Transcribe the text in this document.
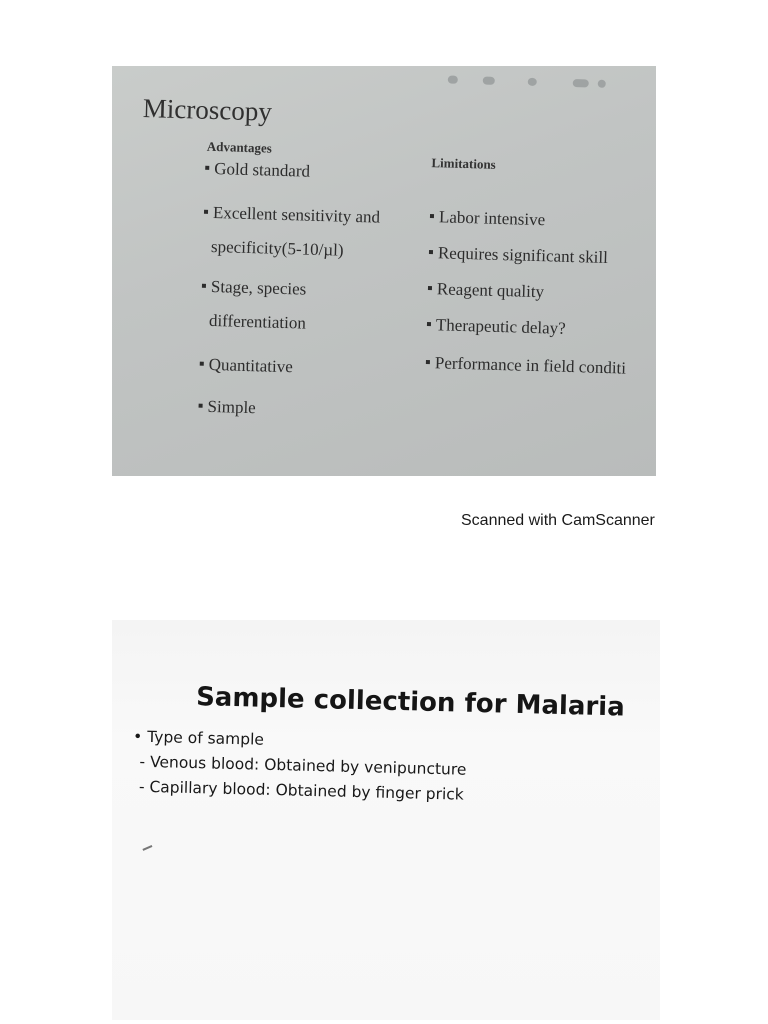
Microscopy
Advantages
Limitations
Gold standard
Excellent sensitivity and
specificity(5-10/µl)
Stage, species
differentiation
Quantitative
Simple
Labor intensive
Requires significant skill
Reagent quality
Therapeutic delay?
Performance in field conditi

Scanned with CamScanner

Sample collection for Malaria
• Type of sample
- Venous blood: Obtained by venipuncture
- Capillary blood: Obtained by finger prick
